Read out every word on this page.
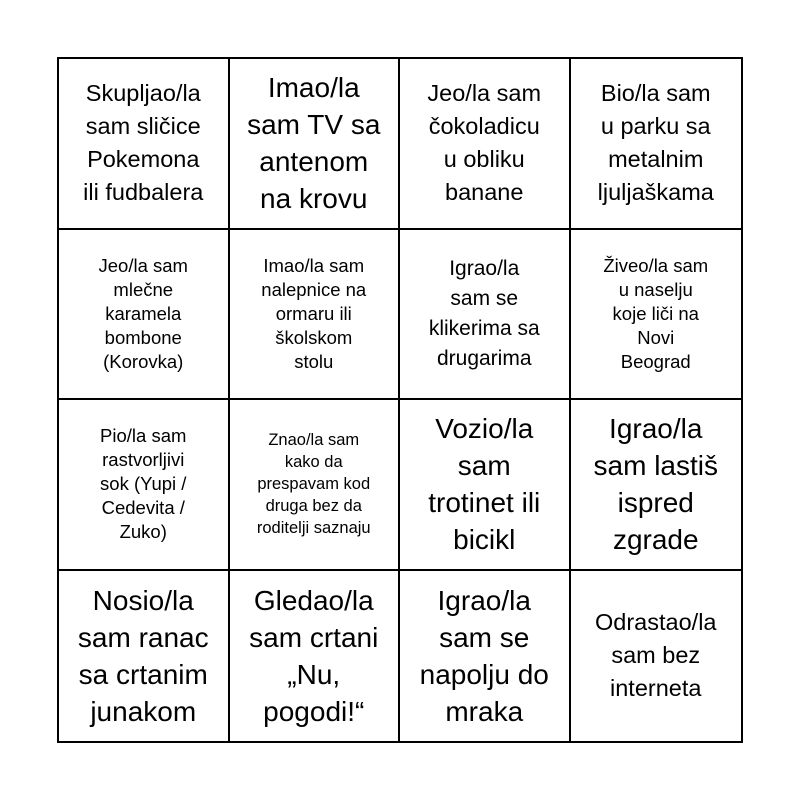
Skupljao/la
sam sličice
Pokemona
ili fudbalera
Imao/la
sam TV sa
antenom
na krovu
Jeo/la sam
čokoladicu
u obliku
banane
Bio/la sam
u parku sa
metalnim
ljuljaškama
Jeo/la sam
mlečne
karamela
bombone
(Korovka)
Imao/la sam
nalepnice na
ormaru ili
školskom
stolu
Igrao/la
sam se
klikerima sa
drugarima
Živeo/la sam
u naselju
koje liči na
Novi
Beograd
Pio/la sam
rastvorljivi
sok (Yupi /
Cedevita /
Zuko)
Znao/la sam
kako da
prespavam kod
druga bez da
roditelji saznaju
Vozio/la
sam
trotinet ili
bicikl
Igrao/la
sam lastiš
ispred
zgrade
Nosio/la
sam ranac
sa crtanim
junakom
Gledao/la
sam crtani
„Nu,
pogodi!“
Igrao/la
sam se
napolju do
mraka
Odrastao/la
sam bez
interneta
